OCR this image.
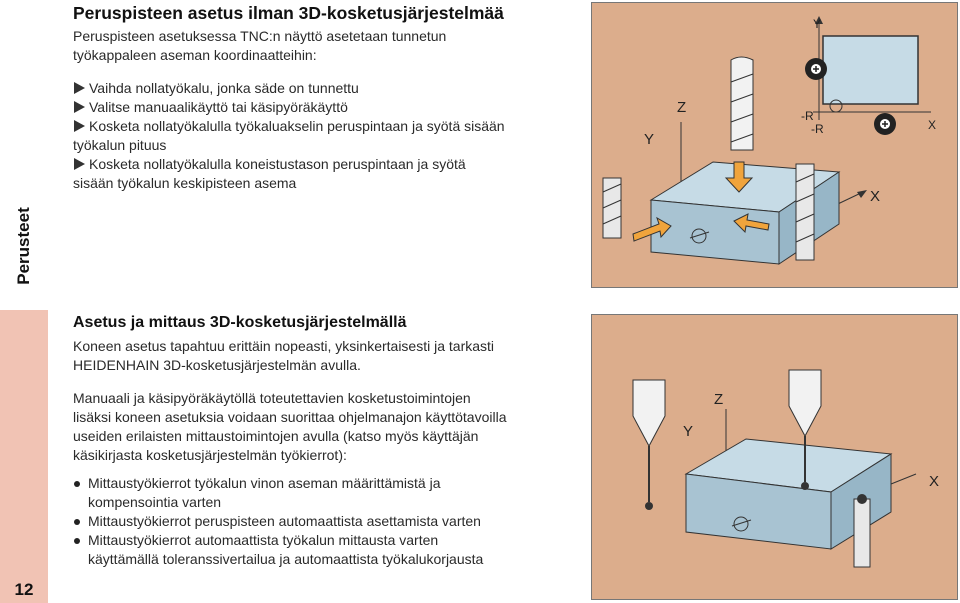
Perusteet
12
Peruspisteen asetus ilman 3D-kosketusjärjestelmää

Peruspisteen asetuksessa TNC:n näyttö asetetaan tunnetun
työkappaleen aseman koordinaatteihin:

Vaihda nollatyökalu, jonka säde on tunnettu
Valitse manuaalikäyttö tai käsipyöräkäyttö
Kosketa nollatyökalulla työkaluakselin peruspintaan ja syötä sisään
työkalun pituus
Kosketa nollatyökalulla koneistustason peruspintaan ja syötä
sisään työkalun keskipisteen asema
Asetus ja mittaus 3D-kosketusjärjestelmällä

Koneen asetus tapahtuu erittäin nopeasti, yksinkertaisesti ja tarkasti
HEIDENHAIN 3D-kosketusjärjestelmän avulla.

Manuaali ja käsipyöräkäytöllä toteutettavien kosketustoimintojen
lisäksi koneen asetuksia voidaan suorittaa ohjelmanajon käyttötavoilla
useiden erilaisten mittaustoimintojen avulla (katso myös käyttäjän
käsikirjasta kosketusjärjestelmän työkierrot):

Mittaustyökierrot työkalun vinon aseman määrittämistä ja
kompensointia varten
Mittaustyökierrot peruspisteen automaattista asettamista varten
Mittaustyökierrot automaattista työkalun mittausta varten
käyttämällä toleranssivertailua ja automaattista työkalukorjausta
Y
X
-R
-R
Z
Y
X
Z
Y
X
